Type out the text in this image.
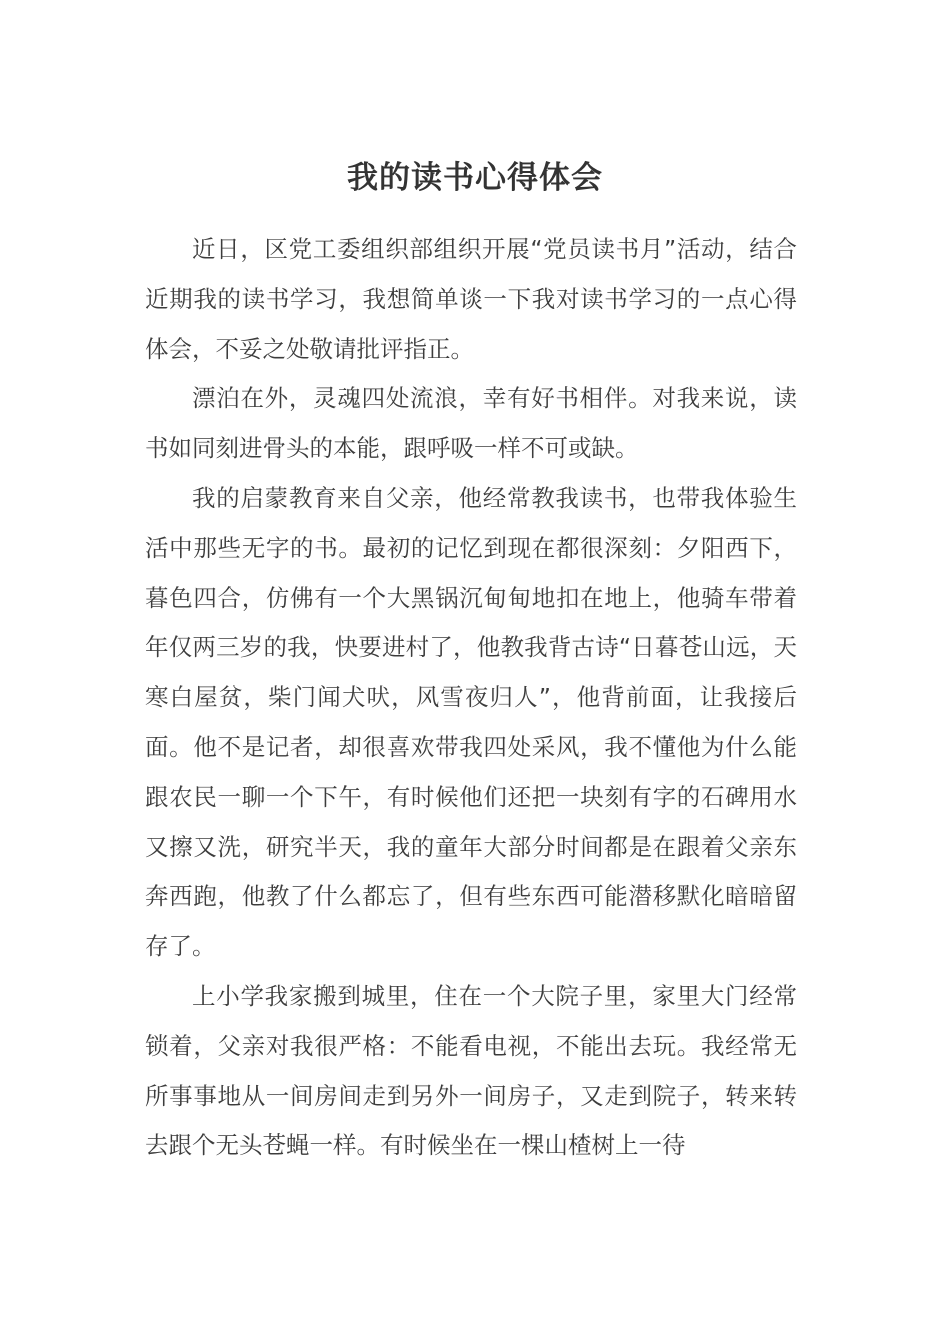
我的读书心得体会

近日，区党工委组织部组织开展“党员读书月”活动，结合近期我的读书学习，我想简单谈一下我对读书学习的一点心得体会，不妥之处敬请批评指正。

漂泊在外，灵魂四处流浪，幸有好书相伴。对我来说，读书如同刻进骨头的本能，跟呼吸一样不可或缺。

我的启蒙教育来自父亲，他经常教我读书，也带我体验生活中那些无字的书。最初的记忆到现在都很深刻：夕阳西下，暮色四合，仿佛有一个大黑锅沉甸甸地扣在地上，他骑车带着年仅两三岁的我，快要进村了，他教我背古诗“日暮苍山远，天寒白屋贫，柴门闻犬吠，风雪夜归人”，他背前面，让我接后面。他不是记者，却很喜欢带我四处采风，我不懂他为什么能跟农民一聊一个下午，有时候他们还把一块刻有字的石碑用水又擦又洗，研究半天，我的童年大部分时间都是在跟着父亲东奔西跑，他教了什么都忘了，但有些东西可能潜移默化暗暗留存了。

上小学我家搬到城里，住在一个大院子里，家里大门经常锁着，父亲对我很严格：不能看电视，不能出去玩。我经常无所事事地从一间房间走到另外一间房子，又走到院子，转来转去跟个无头苍蝇一样。有时候坐在一棵山楂树上一待
